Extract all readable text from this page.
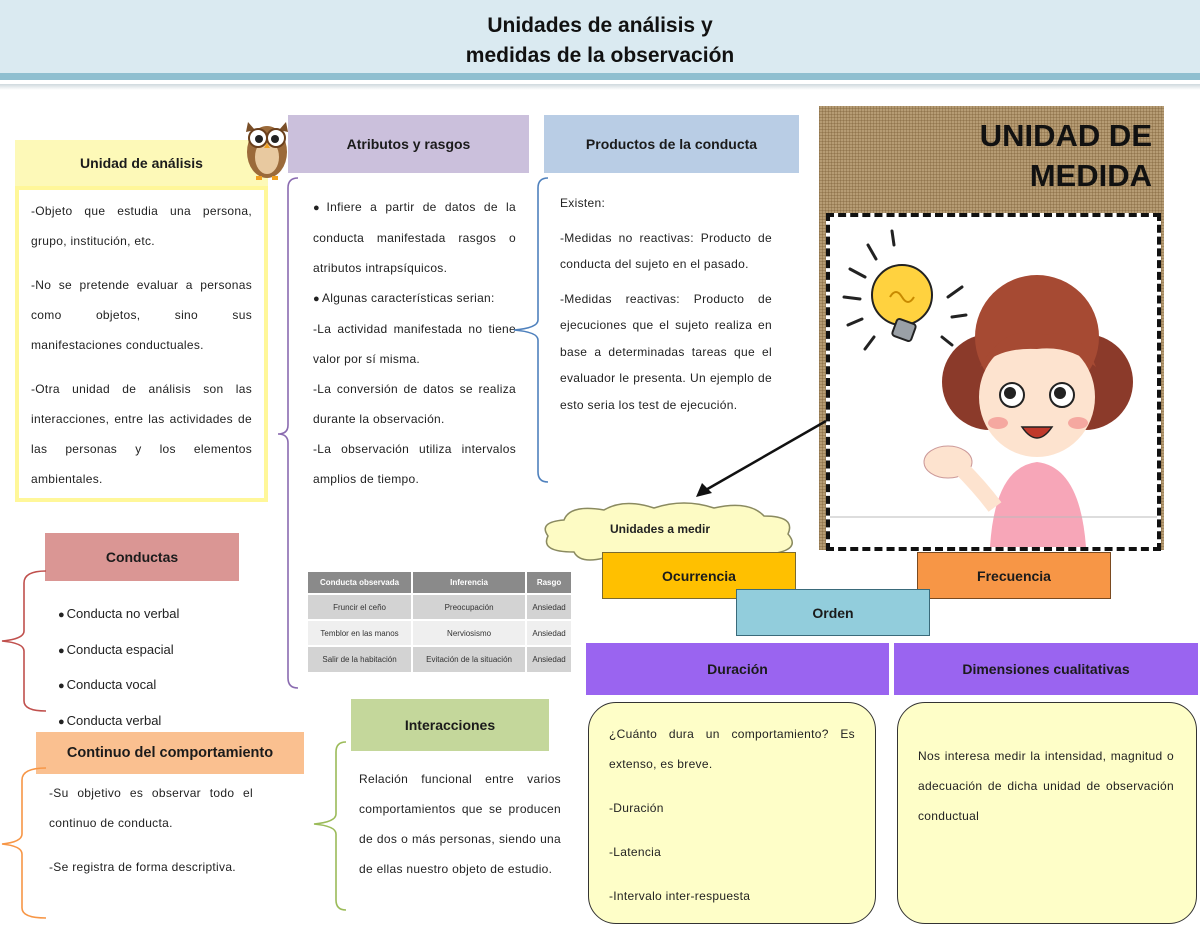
Unidades de análisis y
medidas de la observación
Unidad de análisis

-Objeto que estudia una persona, grupo, institución, etc.

-No se pretende evaluar a personas como objetos, sino sus manifestaciones conductuales.

-Otra unidad de análisis son las interacciones, entre las actividades de las personas y los elementos ambientales.

Atributos y rasgos

● Infiere a partir de datos de la conducta manifestada rasgos o atributos intrapsíquicos.

● Algunas características serian:

-La actividad manifestada no tiene valor por sí misma.

-La conversión de datos se realiza durante la observación.

-La observación utiliza intervalos amplios de tiempo.

Conducta observada	Inferencia	Rasgo
Fruncir el ceño	Preocupación	Ansiedad
Temblor en las manos	Nerviosismo	Ansiedad
Salir de la habitación	Evitación de la situación	Ansiedad
Productos de la conducta

Existen:

-Medidas no reactivas: Producto de conducta del sujeto en el pasado.

-Medidas reactivas: Producto de ejecuciones que el sujeto realiza en base a determinadas tareas que el evaluador le presenta. Un ejemplo de esto seria los test de ejecución.

UNIDAD DE
MEDIDA
Unidades a medir
Ocurrencia	Frecuencia
Orden
Duración	Dimensiones cualitativas

¿Cuánto dura un comportamiento? Es extenso, es breve.

-Duración

-Latencia

-Intervalo inter-respuesta

Nos interesa medir la intensidad, magnitud o adecuación de dicha unidad de observación conductual

Conductas
● Conducta no verbal
● Conducta espacial
● Conducta vocal
● Conducta verbal
Continuo del comportamiento

-Su objetivo es observar todo el continuo de conducta.

-Se registra de forma descriptiva.

Interacciones
Relación funcional entre varios comportamientos que se producen de dos o más personas, siendo una de ellas nuestro objeto de estudio.
